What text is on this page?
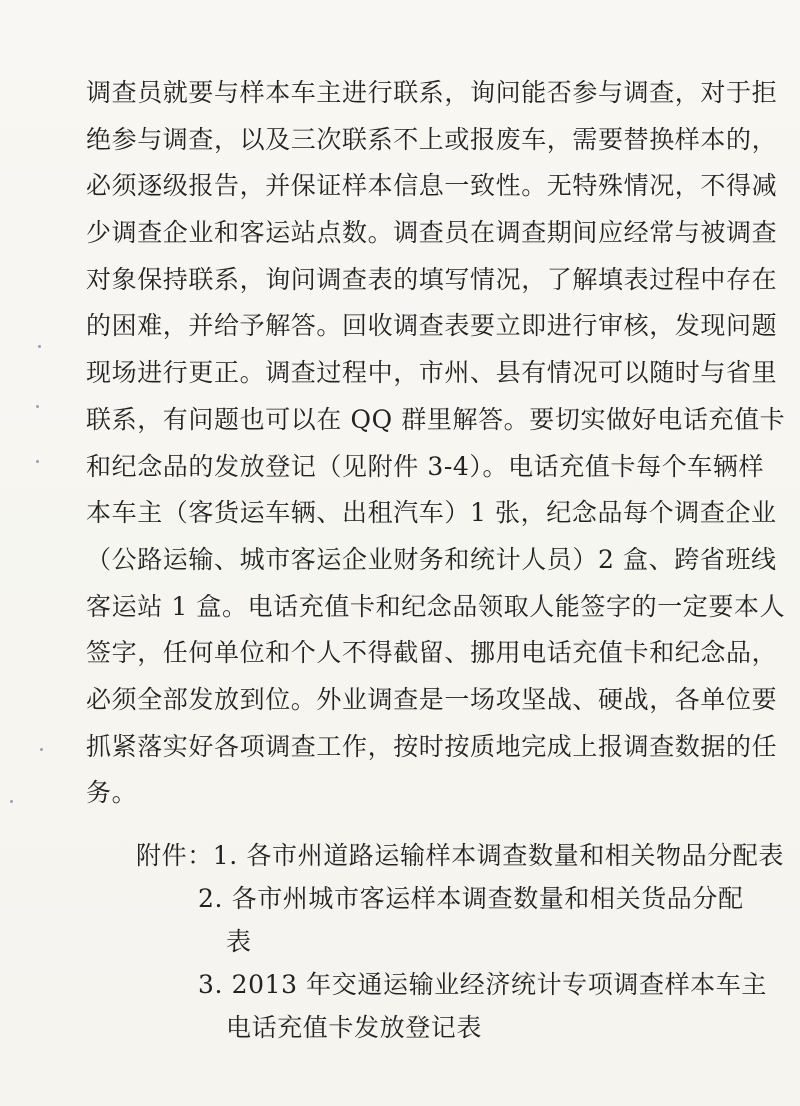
调查员就要与样本车主进行联系，询问能否参与调查，对于拒
绝参与调查，以及三次联系不上或报废车，需要替换样本的，
必须逐级报告，并保证样本信息一致性。无特殊情况，不得减
少调查企业和客运站点数。调查员在调查期间应经常与被调查
对象保持联系，询问调查表的填写情况，了解填表过程中存在
的困难，并给予解答。回收调查表要立即进行审核，发现问题
现场进行更正。调查过程中，市州、县有情况可以随时与省里
联系，有问题也可以在 QQ 群里解答。要切实做好电话充值卡
和纪念品的发放登记（见附件 3-4）。电话充值卡每个车辆样
本车主（客货运车辆、出租汽车）1 张，纪念品每个调查企业
（公路运输、城市客运企业财务和统计人员）2 盒、跨省班线
客运站 1 盒。电话充值卡和纪念品领取人能签字的一定要本人
签字，任何单位和个人不得截留、挪用电话充值卡和纪念品，
必须全部发放到位。外业调查是一场攻坚战、硬战，各单位要
抓紧落实好各项调查工作，按时按质地完成上报调查数据的任
务。
附件：1. 各市州道路运输样本调查数量和相关物品分配表
2. 各市州城市客运样本调查数量和相关货品分配
表
3. 2013 年交通运输业经济统计专项调查样本车主
电话充值卡发放登记表
